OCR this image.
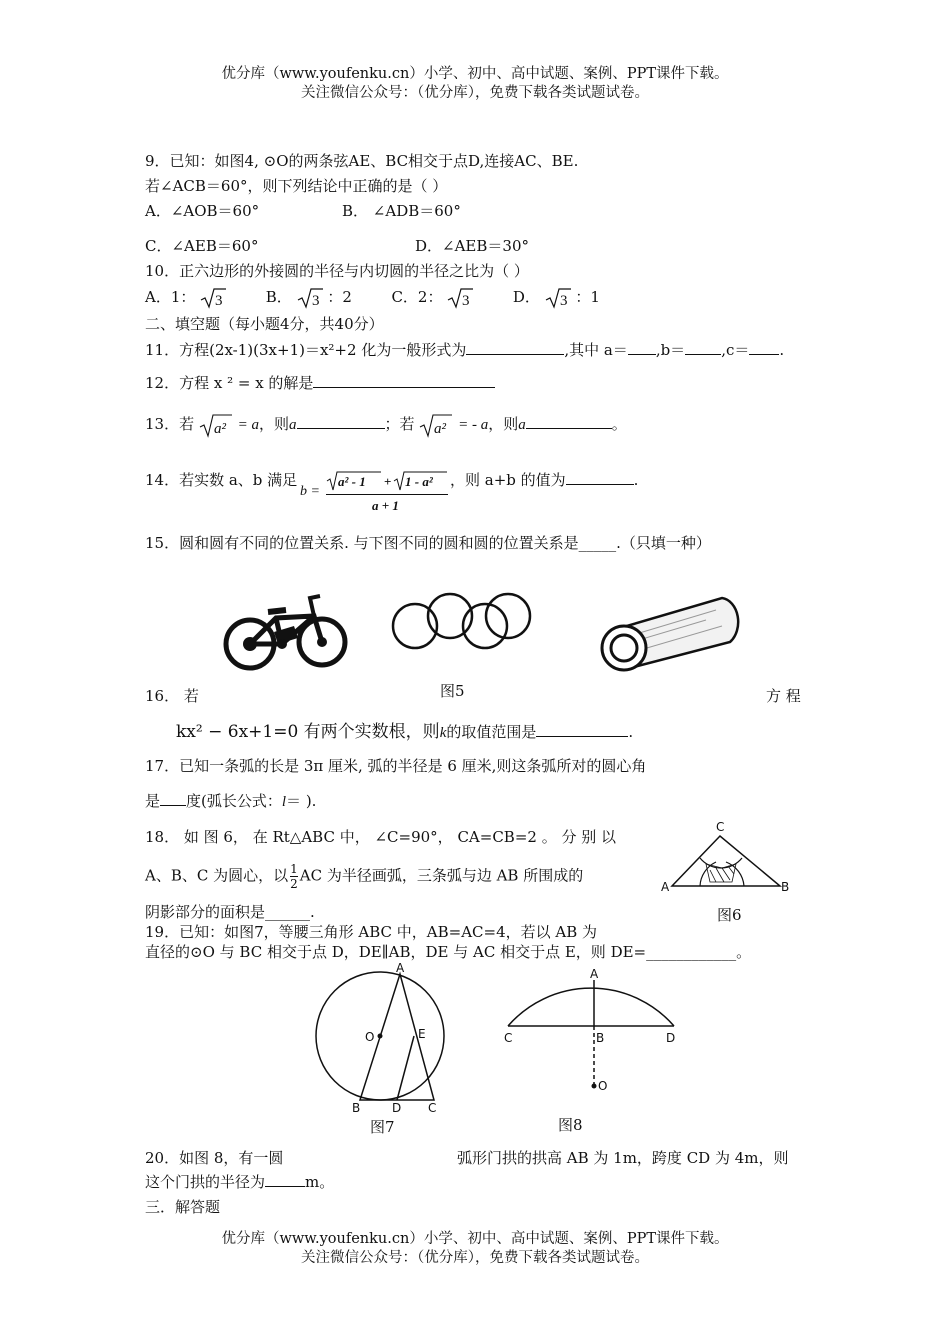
优分库（www.youfenku.cn）小学、初中、高中试题、案例、PPT课件下载。
关注微信公众号：（优分库），免费下载各类试题试卷。
9．已知：如图4, ⊙O的两条弦AE、BC相交于点D,连接AC、BE.
若∠ACB＝60°，则下列结论中正确的是（ ）
A．∠AOB＝60°	B． ∠ADB＝60°
C．∠AEB＝60°	D．∠AEB＝30°
10．正六边形的外接圆的半径与内切圆的半径之比为（ ）
A．1： 3	B． 3 ：2	C．2： 3	D． 3 ：1
二、填空题（每小题4分，共40分）
11．方程(2x-1)(3x+1)＝x²+2 化为一般形式为	,其中 a＝ ,b＝ ,c＝ .
12．方程 x ² = x 的解是
13．若 a² = a，则a	；若 a² = - a，则a	。
14．若实数 a、b 满足
b =
a² - 1 + 1 - a²
a + 1
，则 a+b 的值为	.
15．圆和圆有不同的位置关系. 与下图不同的圆和圆的位置关系是_____.（只填一种）
图5
16． 若	方 程
kx² − 6x+1=0 有两个实数根，则k的取值范围是	.
17．已知一条弧的长是 3π 厘米, 弧的半径是 6 厘米,则这条弧所对的圆心角
是 度(弧长公式：l＝ ).
18． 如 图 6， 在 Rt△ABC 中， ∠C=90°， CA=CB=2 。 分 别 以
A、B、C 为圆心，以 $\frac{1}{2}$ AC 为半径画弧，三条弧与边 AB 所围成的
阴影部分的面积是______.
C
A	B
图6
19．已知：如图7，等腰三角形 ABC 中，AB=AC=4，若以 AB 为
直径的⊙O 与 BC 相交于点 D，DE∥AB，DE 与 AC 相交于点 E，则 DE=____________。
A
O	E
B	D C
图7
A
C	B	D
O
图8
20．如图 8，有一圆	弧形门拱的拱高 AB 为 1m，跨度 CD 为 4m，则
这个门拱的半径为	m。
三．解答题
优分库（www.youfenku.cn）小学、初中、高中试题、案例、PPT课件下载。
关注微信公众号：（优分库），免费下载各类试题试卷。
